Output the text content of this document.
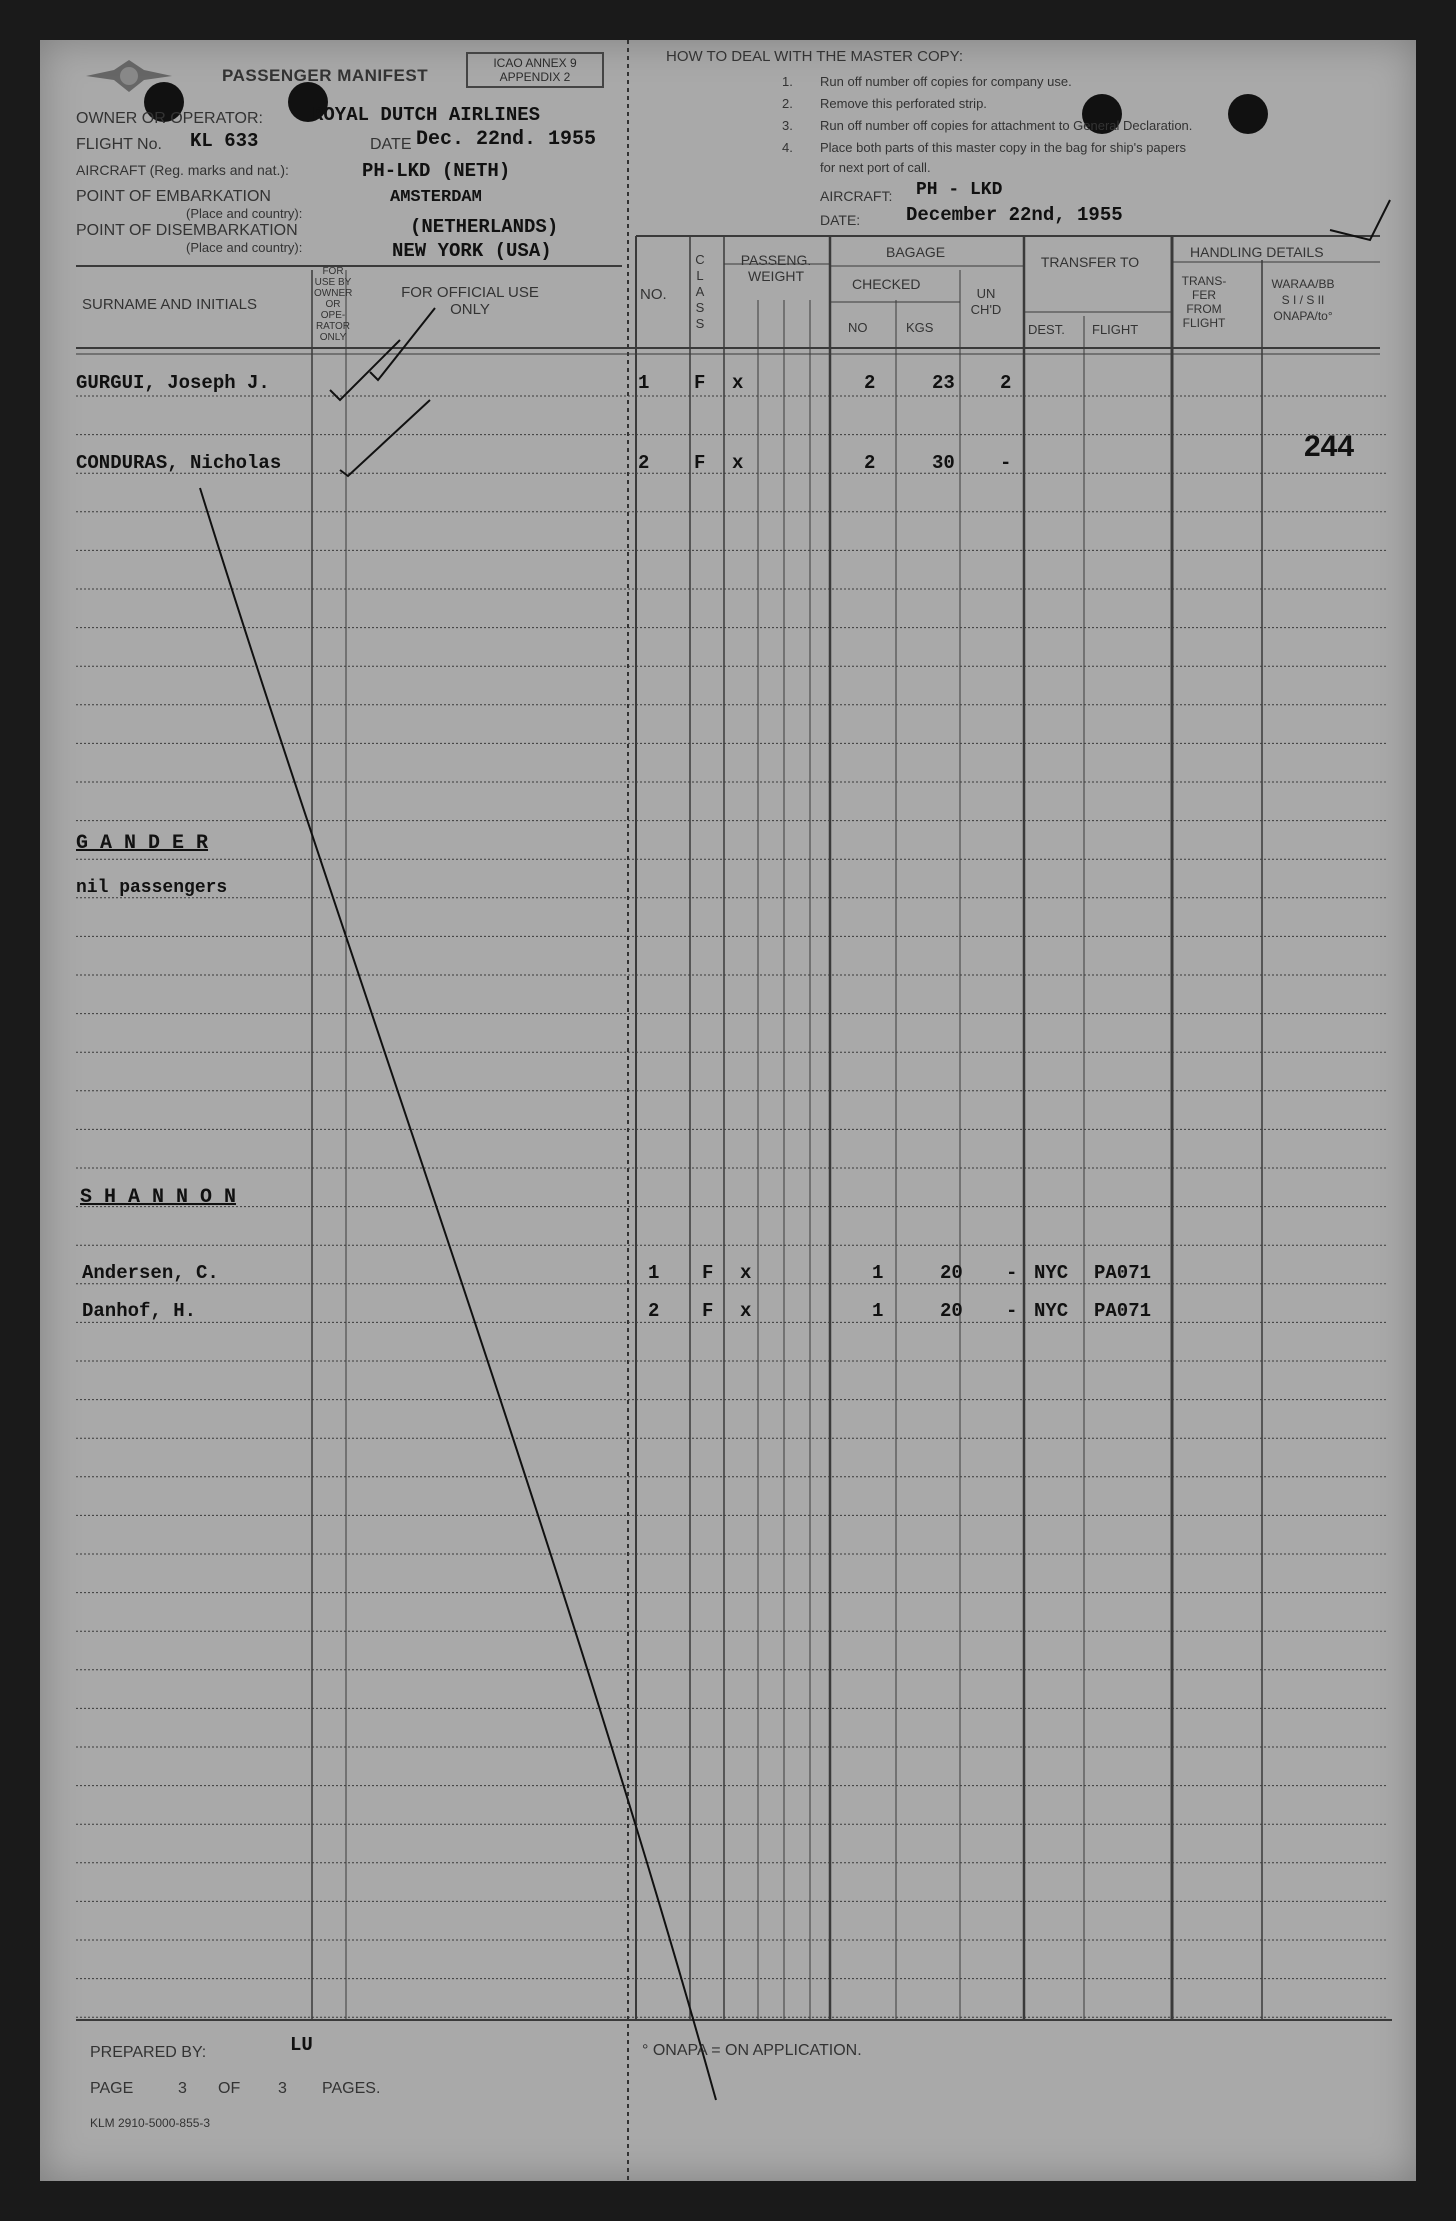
PASSENGER MANIFEST
ICAO ANNEX 9
APPENDIX 2
OWNER OR OPERATOR:	ROYAL DUTCH AIRLINES
FLIGHT No. KL 633	DATE Dec. 22nd. 1955
AIRCRAFT (Reg. marks and nat.):	PH-LKD (NETH)
POINT OF EMBARKATION
(Place and country):
AMSTERDAM
(NETHERLANDS)
POINT OF DISEMBARKATION
(Place and country):	NEW YORK (USA)
HOW TO DEAL WITH THE MASTER COPY:
1. Run off number off copies for company use.
2. Remove this perforated strip.
3. Run off number off copies for attachment to General Declaration.
4. Place both parts of this master copy in the bag for ship's papers
for next port of call.
AIRCRAFT: PH - LKD
DATE: December 22nd, 1955
SURNAME AND INITIALS
FOR USE BY OWNER OR OPE- RATOR ONLY
FOR OFFICIAL USE ONLY
NO.
C L A S S
PASSENG. WEIGHT
BAGAGE
CHECKED
NO	KGS
UN CH'D
TRANSFER TO
DEST. FLIGHT
HANDLING DETAILS
TRANS- FER FROM FLIGHT
WARAA/BB S I / S II ONAPA/to°
GURGUI, Joseph J.	1 F x	2	23 2
CONDURAS, Nicholas	2 F x	2	30 -	244
G A N D E R
nil passengers
S H A N N O N
Andersen, C.	1 F x	1	20 - NYC PA071
Danhof, H.	2 F x	1	20 - NYC PA071
PREPARED BY:	LU
PAGE	3 OF 3 PAGES.
KLM 2910-5000-855-3
° ONAPA = ON APPLICATION.
